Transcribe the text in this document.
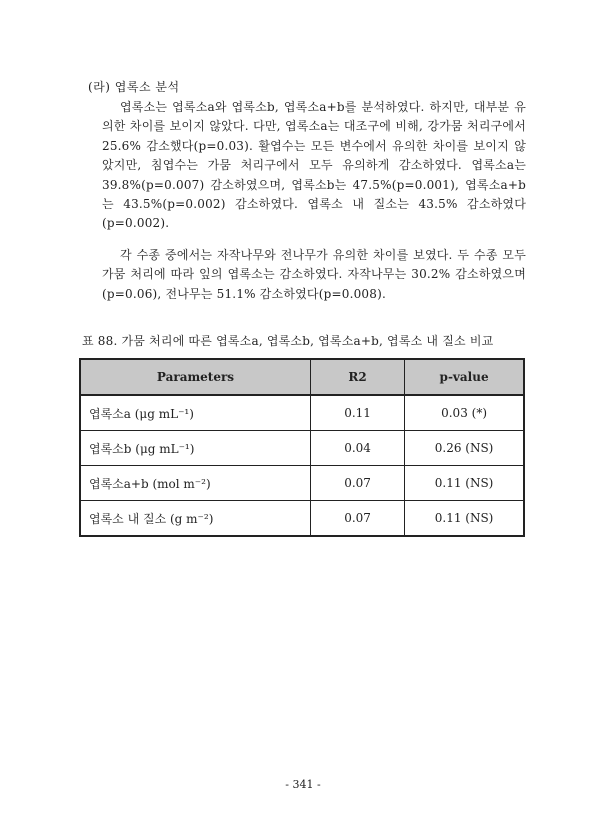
(라) 엽록소 분석
엽록소는 엽록소a와 엽록소b, 엽록소a+b를 분석하였다. 하지만, 대부분 유의한 차이를 보이지 않았다. 다만, 엽록소a는 대조구에 비해, 강가뭄 처리구에서 25.6% 감소했다(p=0.03). 활엽수는 모든 변수에서 유의한 차이를 보이지 않았지만, 침엽수는 가뭄 처리구에서 모두 유의하게 감소하였다. 엽록소a는 39.8%(p=0.007) 감소하였으며, 엽록소b는 47.5%(p=0.001), 엽록소a+b는 43.5%(p=0.002) 감소하였다. 엽록소 내 질소는 43.5% 감소하였다(p=0.002).
각 수종 중에서는 자작나무와 전나무가 유의한 차이를 보였다. 두 수종 모두 가뭄 처리에 따라 잎의 엽록소는 감소하였다. 자작나무는 30.2% 감소하였으며(p=0.06), 전나무는 51.1% 감소하였다(p=0.008).
표 88. 가뭄 처리에 따른 엽록소a, 엽록소b, 엽록소a+b, 엽록소 내 질소 비교
Parameters	R2	p-value
엽록소a (μg mL⁻¹)	0.11	0.03 (*)
엽록소b (μg mL⁻¹)	0.04	0.26 (NS)
엽록소a+b (mol m⁻²)	0.07	0.11 (NS)
엽록소 내 질소 (g m⁻²)	0.07	0.11 (NS)
- 341 -
